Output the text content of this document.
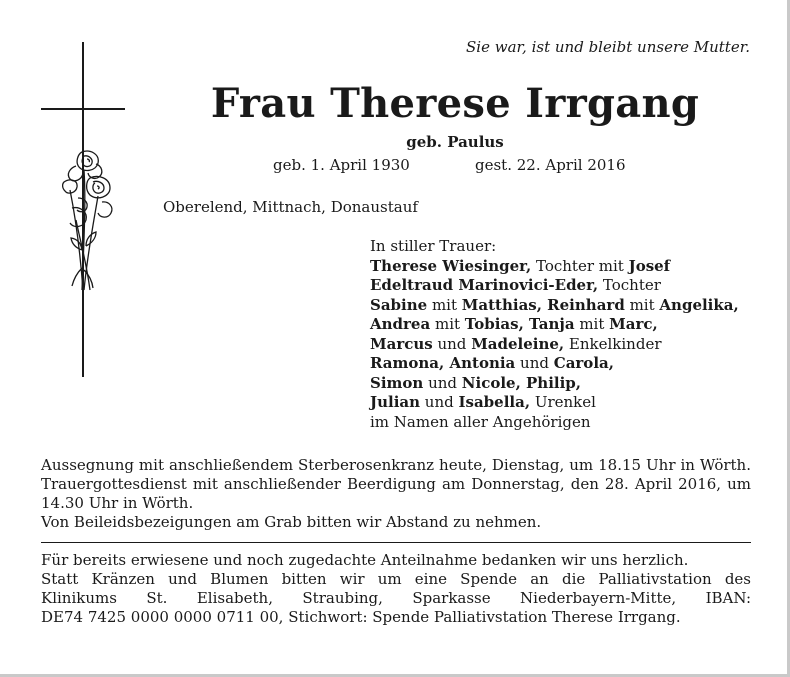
Sie war, ist und bleibt unsere Mutter.
Frau Therese Irrgang
geb. Paulus
geb. 1. April 1930	gest. 22. April 2016
Oberelend, Mittnach, Donaustauf
In stiller Trauer:
Therese Wiesinger, Tochter mit Josef
Edeltraud Marinovici-Eder, Tochter
Sabine mit Matthias, Reinhard mit Angelika,
Andrea mit Tobias, Tanja mit Marc,
Marcus und Madeleine, Enkelkinder
Ramona, Antonia und Carola,
Simon und Nicole, Philip,
Julian und Isabella, Urenkel
im Namen aller Angehörigen

Aussegnung mit anschließendem Sterberosenkranz heute, Dienstag, um 18.15 Uhr in Wörth. Trauergottesdienst mit anschließender Beerdigung am Donnerstag, den 28. April 2016, um 14.30 Uhr in Wörth.

Von Beileidsbezeigungen am Grab bitten wir Abstand zu nehmen.

Für bereits erwiesene und noch zugedachte Anteilnahme bedanken wir uns herzlich.

Statt Kränzen und Blumen bitten wir um eine Spende an die Palliativstation des

Klinikums St. Elisabeth, Straubing, Sparkasse Niederbayern-Mitte, IBAN:

DE74 7425 0000 0000 0711 00, Stichwort: Spende Palliativstation Therese Irrgang.
